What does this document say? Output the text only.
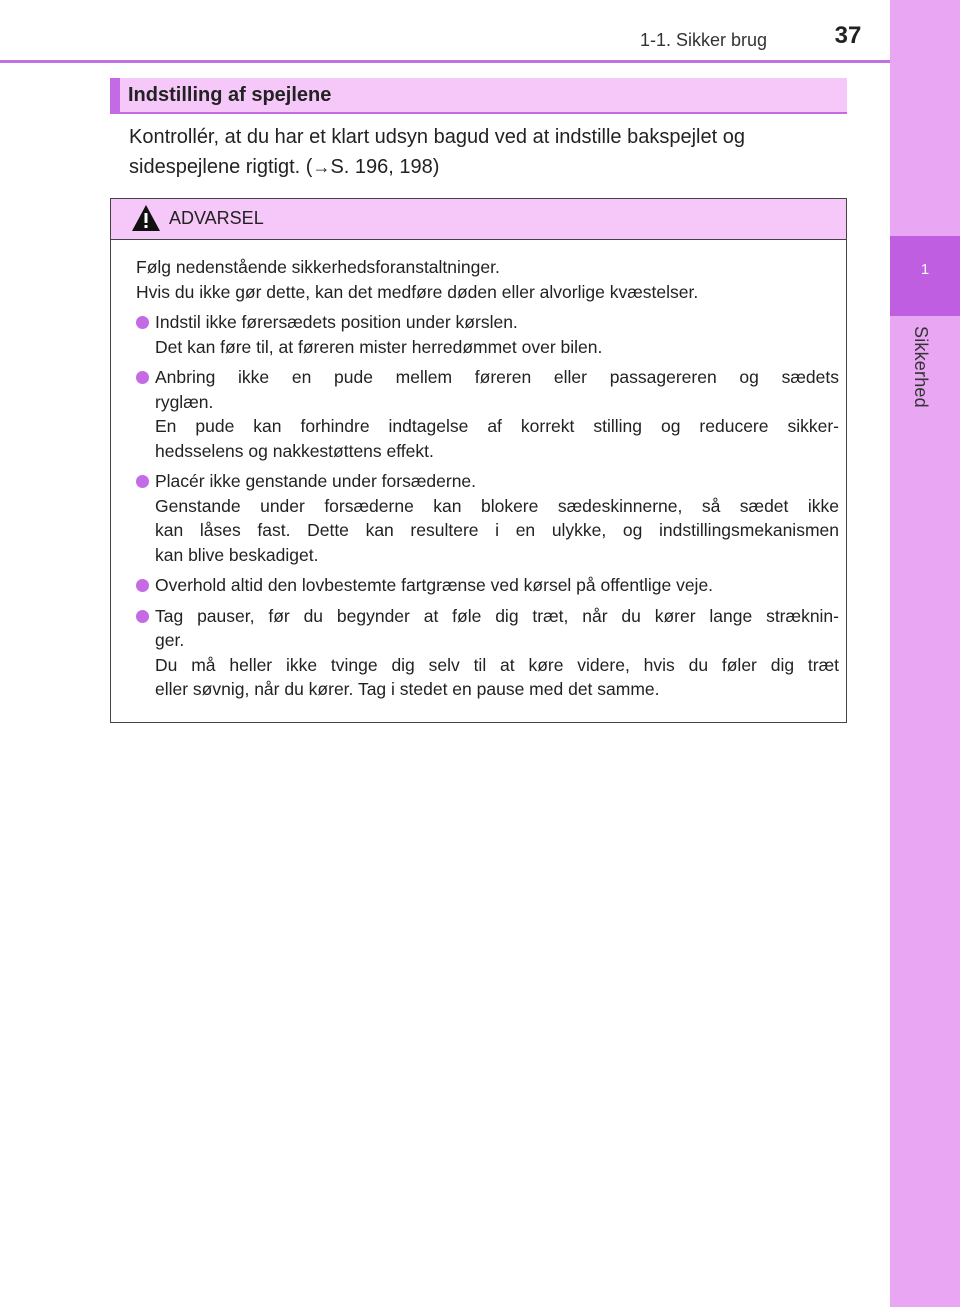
1
Sikkerhed
1-1. Sikker brug	37
Indstilling af spejlene
Kontrollér, at du har et klart udsyn bagud ved at indstille bakspejlet og
sidespejlene rigtigt. (→S. 196, 198)
ADVARSEL

Følg nedenstående sikkerhedsforanstaltninger.

Hvis du ikke gør dette, kan det medføre døden eller alvorlige kvæstelser.

Indstil ikke førersædets position under kørslen.
Det kan føre til, at føreren mister herredømmet over bilen.
Anbring ikke en pude mellem føreren eller passagereren og sædets
ryglæn.
En pude kan forhindre indtagelse af korrekt stilling og reducere sikker-
hedsselens og nakkestøttens effekt.
Placér ikke genstande under forsæderne.
Genstande under forsæderne kan blokere sædeskinnerne, så sædet ikke
kan låses fast. Dette kan resultere i en ulykke, og indstillingsmekanismen
kan blive beskadiget.
Overhold altid den lovbestemte fartgrænse ved kørsel på offentlige veje.
Tag pauser, før du begynder at føle dig træt, når du kører lange stræknin-
ger.
Du må heller ikke tvinge dig selv til at køre videre, hvis du føler dig træt
eller søvnig, når du kører. Tag i stedet en pause med det samme.
